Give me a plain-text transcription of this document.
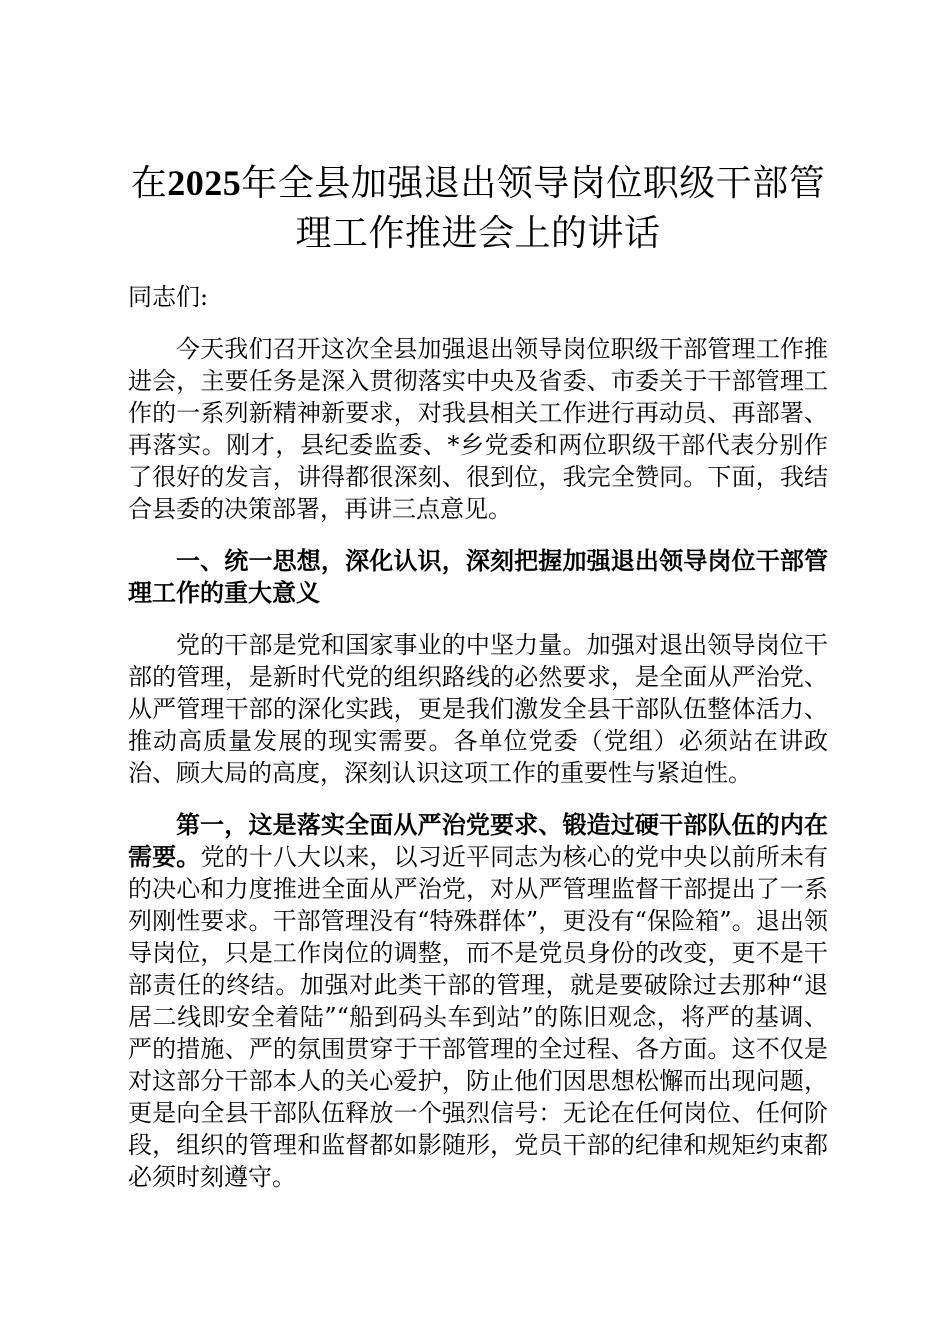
在2025年全县加强退出领导岗位职级干部管理工作推进会上的讲话

同志们:

今天我们召开这次全县加强退出领导岗位职级干部管理工作推进会，主要任务是深入贯彻落实中央及省委、市委关于干部管理工作的一系列新精神新要求，对我县相关工作进行再动员、再部署、再落实。刚才，县纪委监委、*乡党委和两位职级干部代表分别作了很好的发言，讲得都很深刻、很到位，我完全赞同。下面，我结合县委的决策部署，再讲三点意见。

一、统一思想，深化认识，深刻把握加强退出领导岗位干部管理工作的重大意义

党的干部是党和国家事业的中坚力量。加强对退出领导岗位干部的管理，是新时代党的组织路线的必然要求，是全面从严治党、从严管理干部的深化实践，更是我们激发全县干部队伍整体活力、推动高质量发展的现实需要。各单位党委（党组）必须站在讲政治、顾大局的高度，深刻认识这项工作的重要性与紧迫性。

第一，这是落实全面从严治党要求、锻造过硬干部队伍的内在需要。党的十八大以来，以习近平同志为核心的党中央以前所未有的决心和力度推进全面从严治党，对从严管理监督干部提出了一系列刚性要求。干部管理没有“特殊群体”，更没有“保险箱”。退出领导岗位，只是工作岗位的调整，而不是党员身份的改变，更不是干部责任的终结。加强对此类干部的管理，就是要破除过去那种“退居二线即安全着陆”“船到码头车到站”的陈旧观念，将严的基调、严的措施、严的氛围贯穿于干部管理的全过程、各方面。这不仅是对这部分干部本人的关心爱护，防止他们因思想松懈而出现问题，更是向全县干部队伍释放一个强烈信号：无论在任何岗位、任何阶段，组织的管理和监督都如影随形，党员干部的纪律和规矩约束都必须时刻遵守。
